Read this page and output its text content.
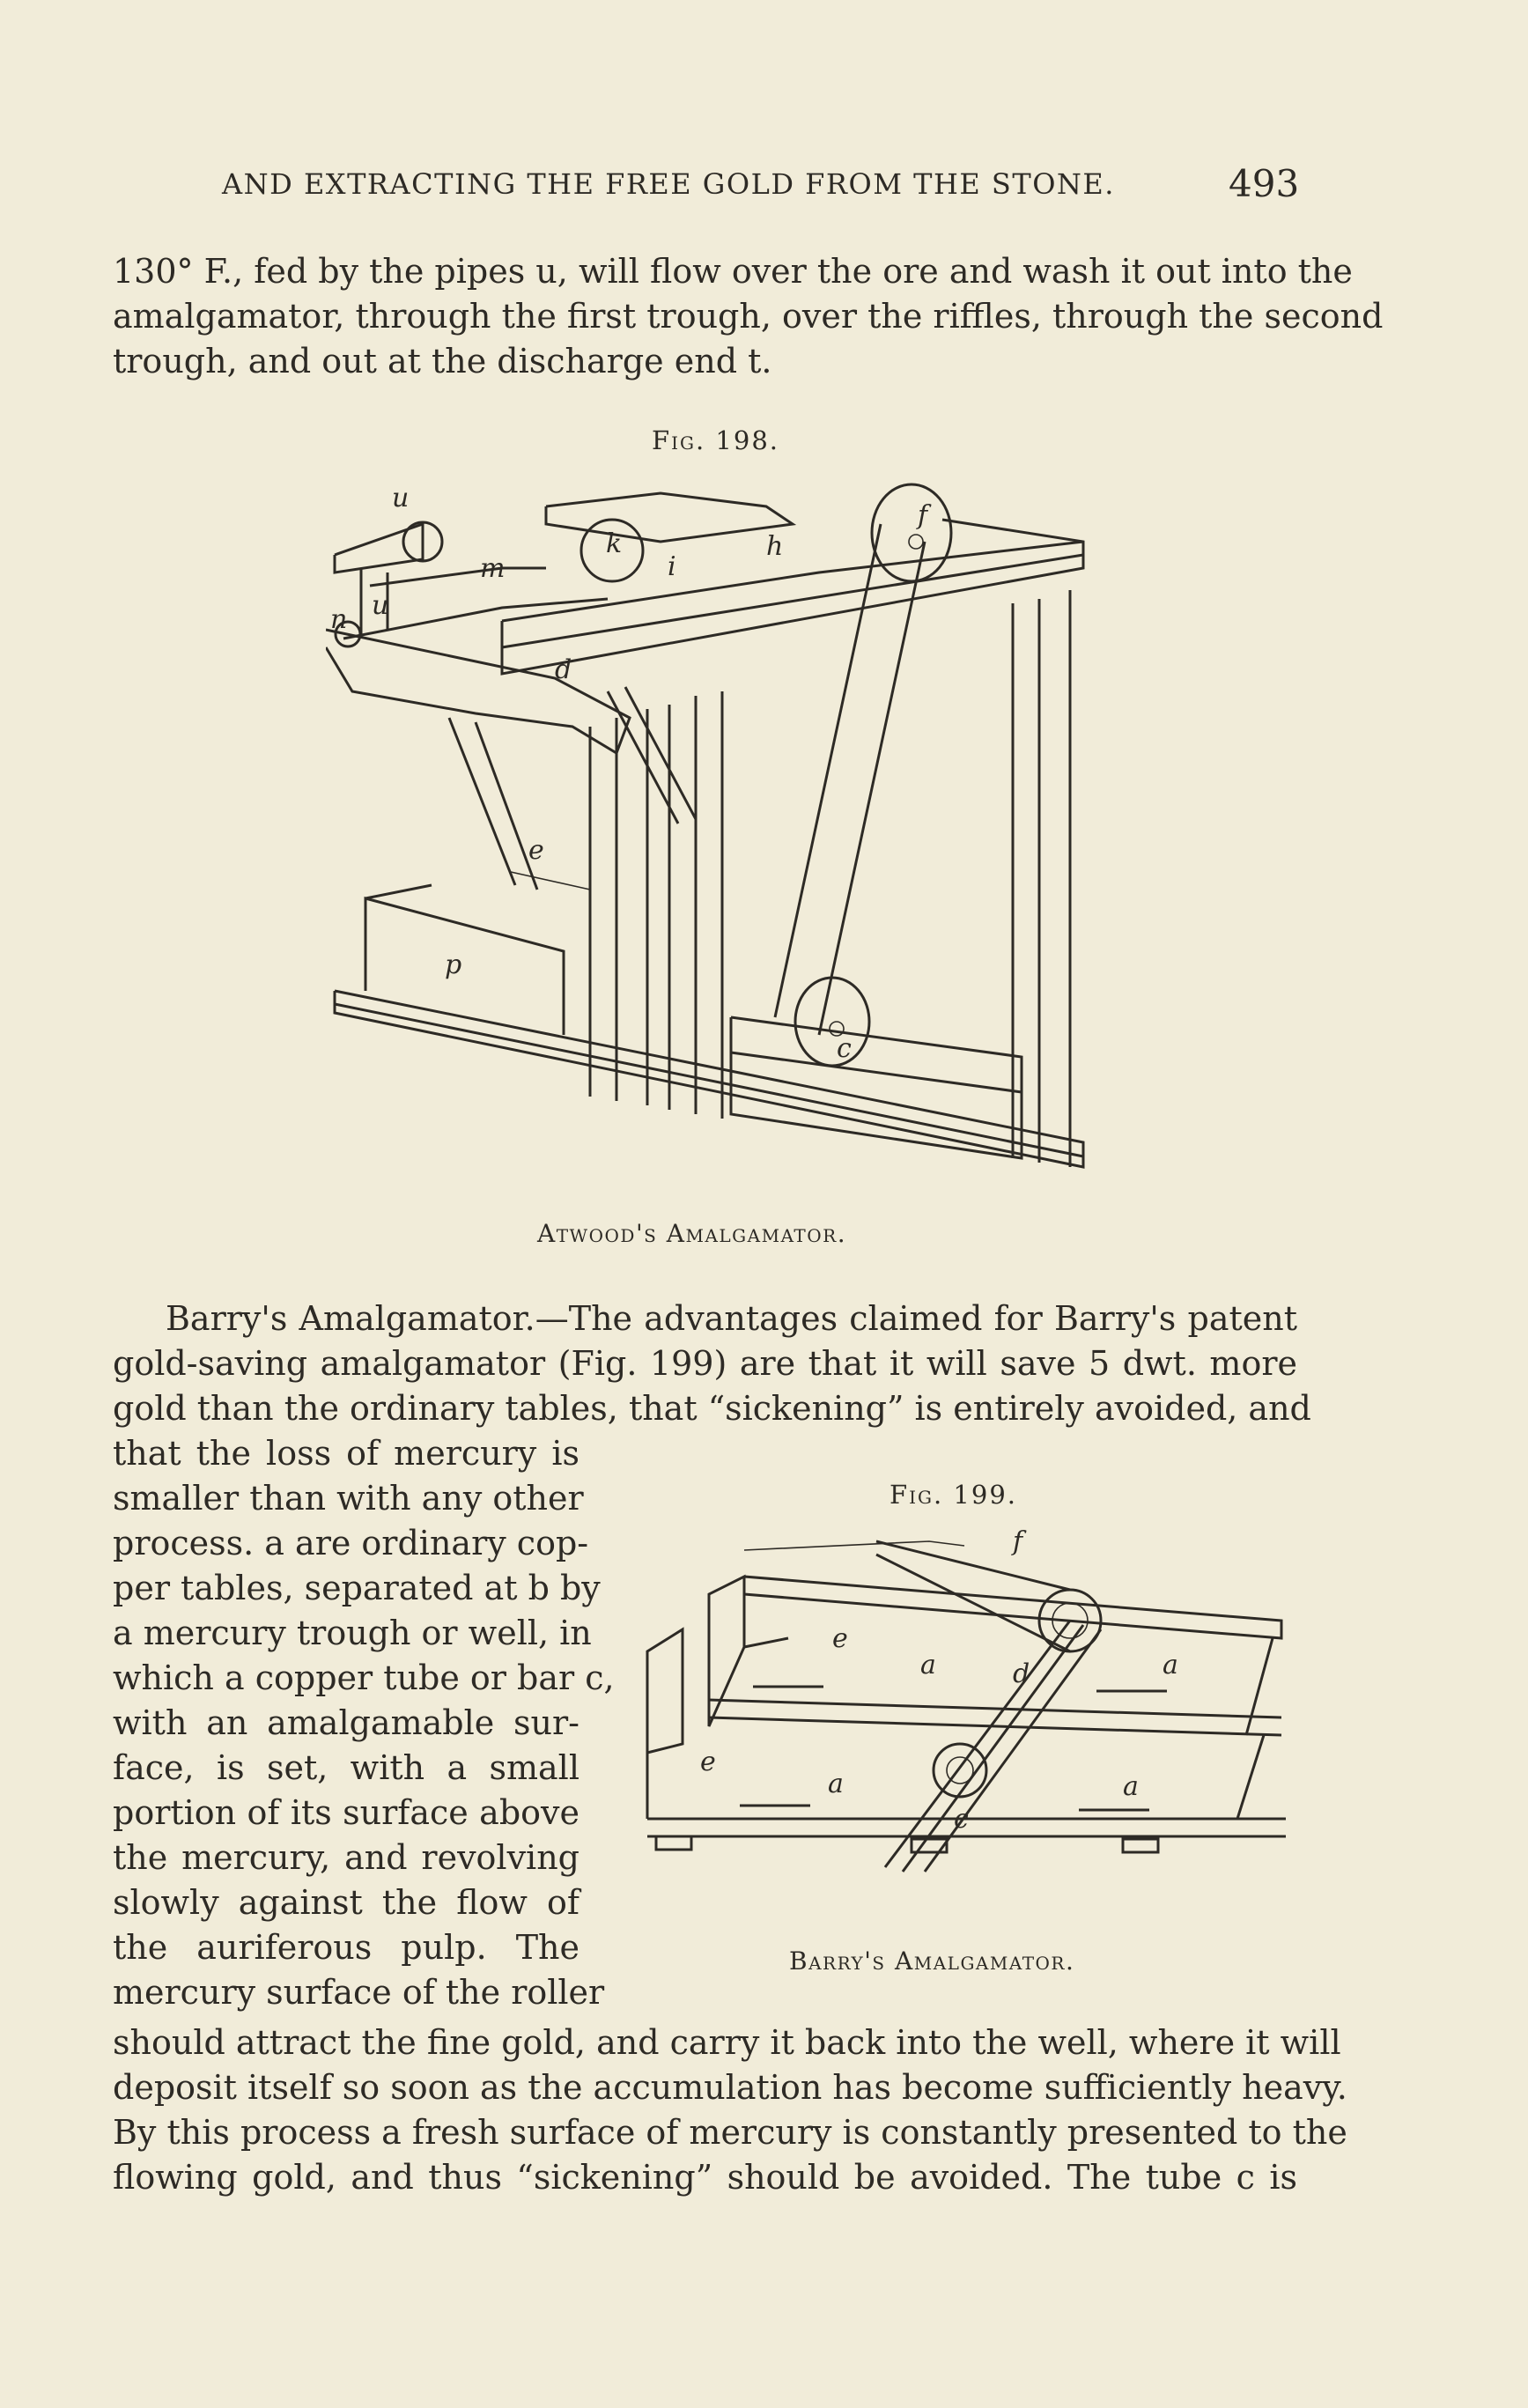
AND EXTRACTING THE FREE GOLD FROM THE STONE.	493
130° F., fed by the pipes u, will flow over the ore and wash it out into the
amalgamator, through the first trough, over the riffles, through the second
trough, and out at the discharge end t.
Fig. 198.
u
u
n
m
k
i
h
f
d
e
p
c
Atwood's Amalgamator.
Barry's Amalgamator.—The advantages claimed for Barry's patent
gold-saving amalgamator (Fig. 199) are that it will save 5 dwt. more
gold than the ordinary tables, that “sickening” is entirely avoided, and
that the loss of mercury is
smaller than with any other
process. a are ordinary cop-
per tables, separated at b by
a mercury trough or well, in
which a copper tube or bar c,
with an amalgamable sur-
face, is set, with a small
portion of its surface above
the mercury, and revolving
slowly against the flow of
the auriferous pulp. The
mercury surface of the roller
Fig. 199.
f
e
a	d	a
e
a
c
a
Barry's Amalgamator.
should attract the fine gold, and carry it back into the well, where it will
deposit itself so soon as the accumulation has become sufficiently heavy.
By this process a fresh surface of mercury is constantly presented to the
flowing gold, and thus “sickening” should be avoided. The tube c is
